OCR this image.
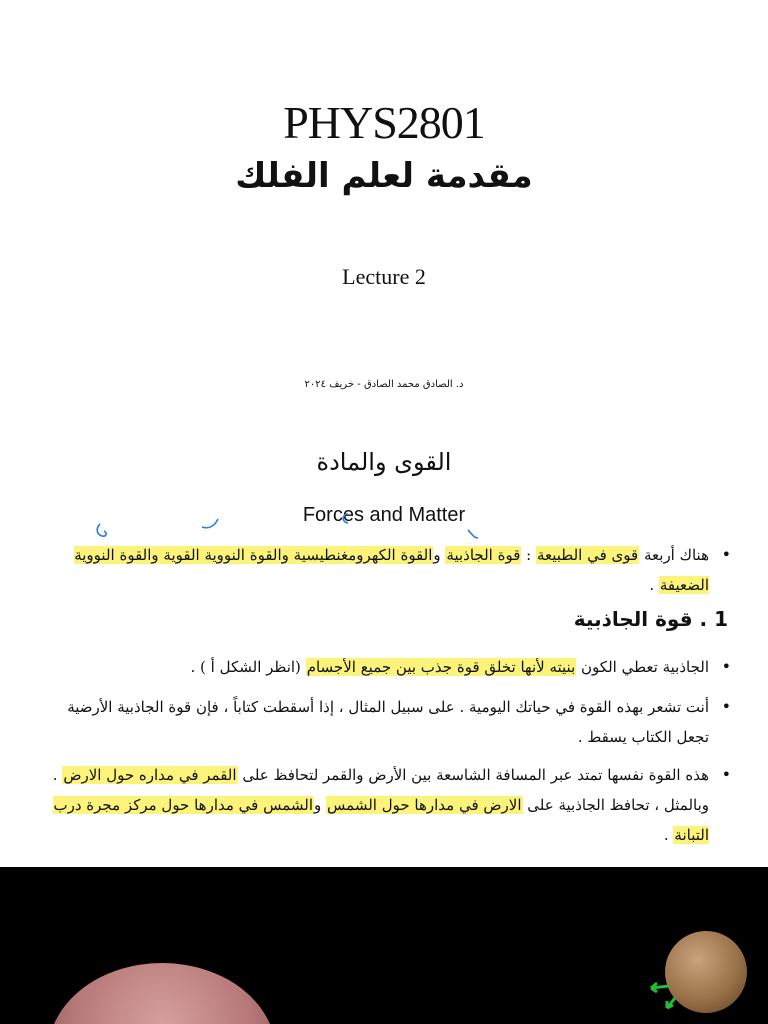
PHYS2801
مقدمة لعلم الفلك
Lecture 2
د. الصادق محمد الصادق - خريف ٢٠٢٤
القوى والمادة
Forces and Matter
•
هناك أربعة قوى في الطبيعة : قوة الجاذبية والقوة الكهرومغنطيسية والقوة النووية القوية والقوة النووية الضعيفة .
1 . قوة الجاذبية
•
الجاذبية تعطي الكون بنيته لأنها تخلق قوة جذب بين جميع الأجسام (انظر الشكل أ ) .
•
أنت تشعر بهذه القوة في حياتك اليومية . على سبيل المثال ، إذا أسقطت كتاباً ، فإن قوة الجاذبية الأرضية تجعل الكتاب يسقط .
•
هذه القوة نفسها تمتد عبر المسافة الشاسعة بين الأرض والقمر لتحافظ على القمر في مداره حول الارض . وبالمثل ، تحافظ الجاذبية على الارض في مدارها حول الشمس والشمس في مدارها حول مركز مجرة درب التبانة .
